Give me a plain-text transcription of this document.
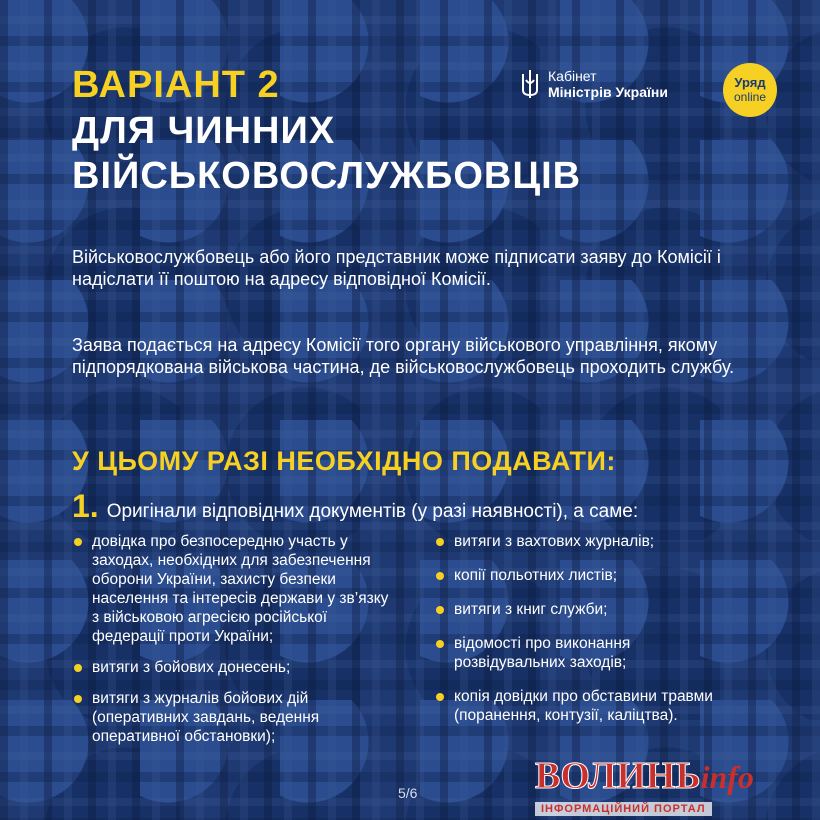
ВАРІАНТ 2
ДЛЯ ЧИННИХ
ВІЙСЬКОВОСЛУЖБОВЦІВ
Кабінет
Міністрів України
Уряд
online

Військовослужбовець або його представник може підписати заяву до Комісії і надіслати її поштою на адресу відповідної Комісії.

Заява подається на адресу Комісії того органу військового управління, якому підпорядкована військова частина, де військовослужбовець проходить службу.

У ЦЬОМУ РАЗІ НЕОБХІДНО ПОДАВАТИ:
1. Оригінали відповідних документів (у разі наявності), а саме:
довідка про безпосередню участь у заходах, необхідних для забезпечення оборони України, захисту безпеки населення та інтересів держави у зв’язку з військовою агресією російської федерації проти України;
витяги з бойових донесень;
витяги з журналів бойових дій (оперативних завдань, ведення оперативної обстановки);
витяги з вахтових журналів;
копії польотних листів;
витяги з книг служби;
відомості про виконання розвідувальних заходів;
копія довідки про обставини травми (поранення, контузії, каліцтва).
5/6	ВОЛИНЬinfo
ІНФОРМАЦІЙНИЙ ПОРТАЛ
